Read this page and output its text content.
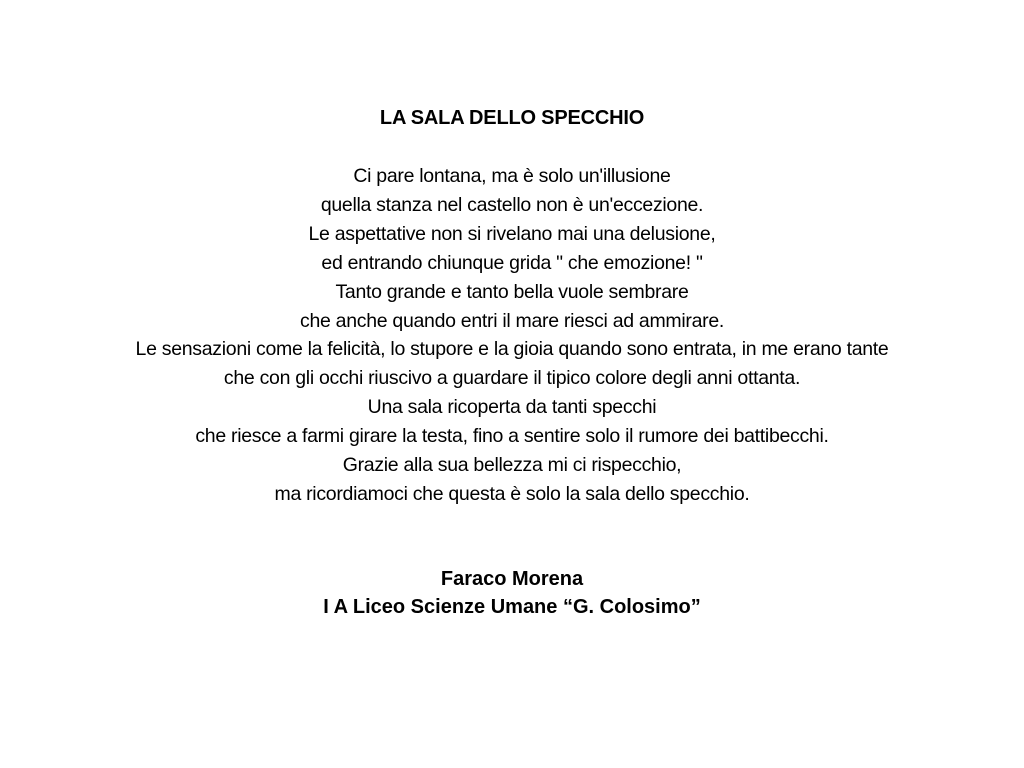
LA SALA DELLO SPECCHIO
Ci pare lontana, ma è solo un'illusione
quella stanza nel castello non è un'eccezione.
Le aspettative non si rivelano mai una delusione,
ed entrando chiunque grida " che emozione! "
Tanto grande e tanto bella vuole sembrare
che anche quando entri il mare riesci ad ammirare.
Le sensazioni come la felicità, lo stupore e la gioia quando sono entrata, in me erano tante
che con gli occhi riuscivo a guardare il tipico colore degli anni ottanta.
Una sala ricoperta da tanti specchi
che riesce a farmi girare la testa, fino a sentire solo il rumore dei battibecchi.
Grazie alla sua bellezza mi ci rispecchio,
ma ricordiamoci che questa è solo la sala dello specchio.
Faraco Morena
I A Liceo Scienze Umane “G. Colosimo”
